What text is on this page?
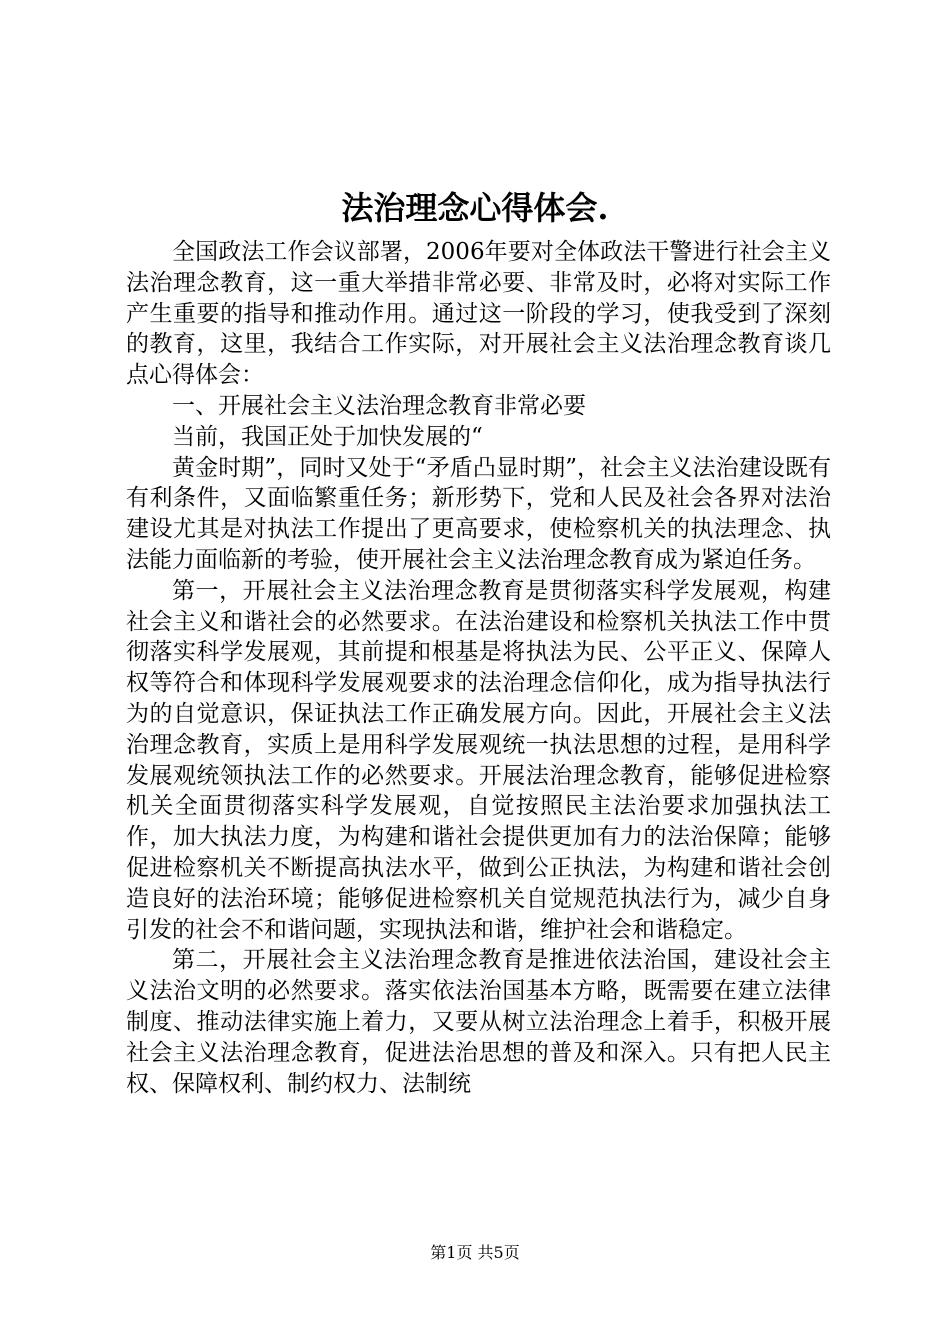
法治理念心得体会.

全国政法工作会议部署，2006年要对全体政法干警进行社会主义法治理念教育，这一重大举措非常必要、非常及时，必将对实际工作产生重要的指导和推动作用。通过这一阶段的学习，使我受到了深刻的教育，这里，我结合工作实际，对开展社会主义法治理念教育谈几点心得体会：

一、开展社会主义法治理念教育非常必要

当前，我国正处于加快发展的“

黄金时期”，同时又处于“矛盾凸显时期”，社会主义法治建设既有有利条件，又面临繁重任务；新形势下，党和人民及社会各界对法治建设尤其是对执法工作提出了更高要求，使检察机关的执法理念、执法能力面临新的考验，使开展社会主义法治理念教育成为紧迫任务。

第一，开展社会主义法治理念教育是贯彻落实科学发展观，构建社会主义和谐社会的必然要求。在法治建设和检察机关执法工作中贯彻落实科学发展观，其前提和根基是将执法为民、公平正义、保障人权等符合和体现科学发展观要求的法治理念信仰化，成为指导执法行为的自觉意识，保证执法工作正确发展方向。因此，开展社会主义法治理念教育，实质上是用科学发展观统一执法思想的过程，是用科学发展观统领执法工作的必然要求。开展法治理念教育，能够促进检察机关全面贯彻落实科学发展观，自觉按照民主法治要求加强执法工作，加大执法力度，为构建和谐社会提供更加有力的法治保障；能够促进检察机关不断提高执法水平，做到公正执法，为构建和谐社会创造良好的法治环境；能够促进检察机关自觉规范执法行为，减少自身引发的社会不和谐问题，实现执法和谐，维护社会和谐稳定。

第二，开展社会主义法治理念教育是推进依法治国，建设社会主义法治文明的必然要求。落实依法治国基本方略，既需要在建立法律制度、推动法律实施上着力，又要从树立法治理念上着手，积极开展社会主义法治理念教育，促进法治思想的普及和深入。只有把人民主权、保障权利、制约权力、法制统

第1页 共5页
